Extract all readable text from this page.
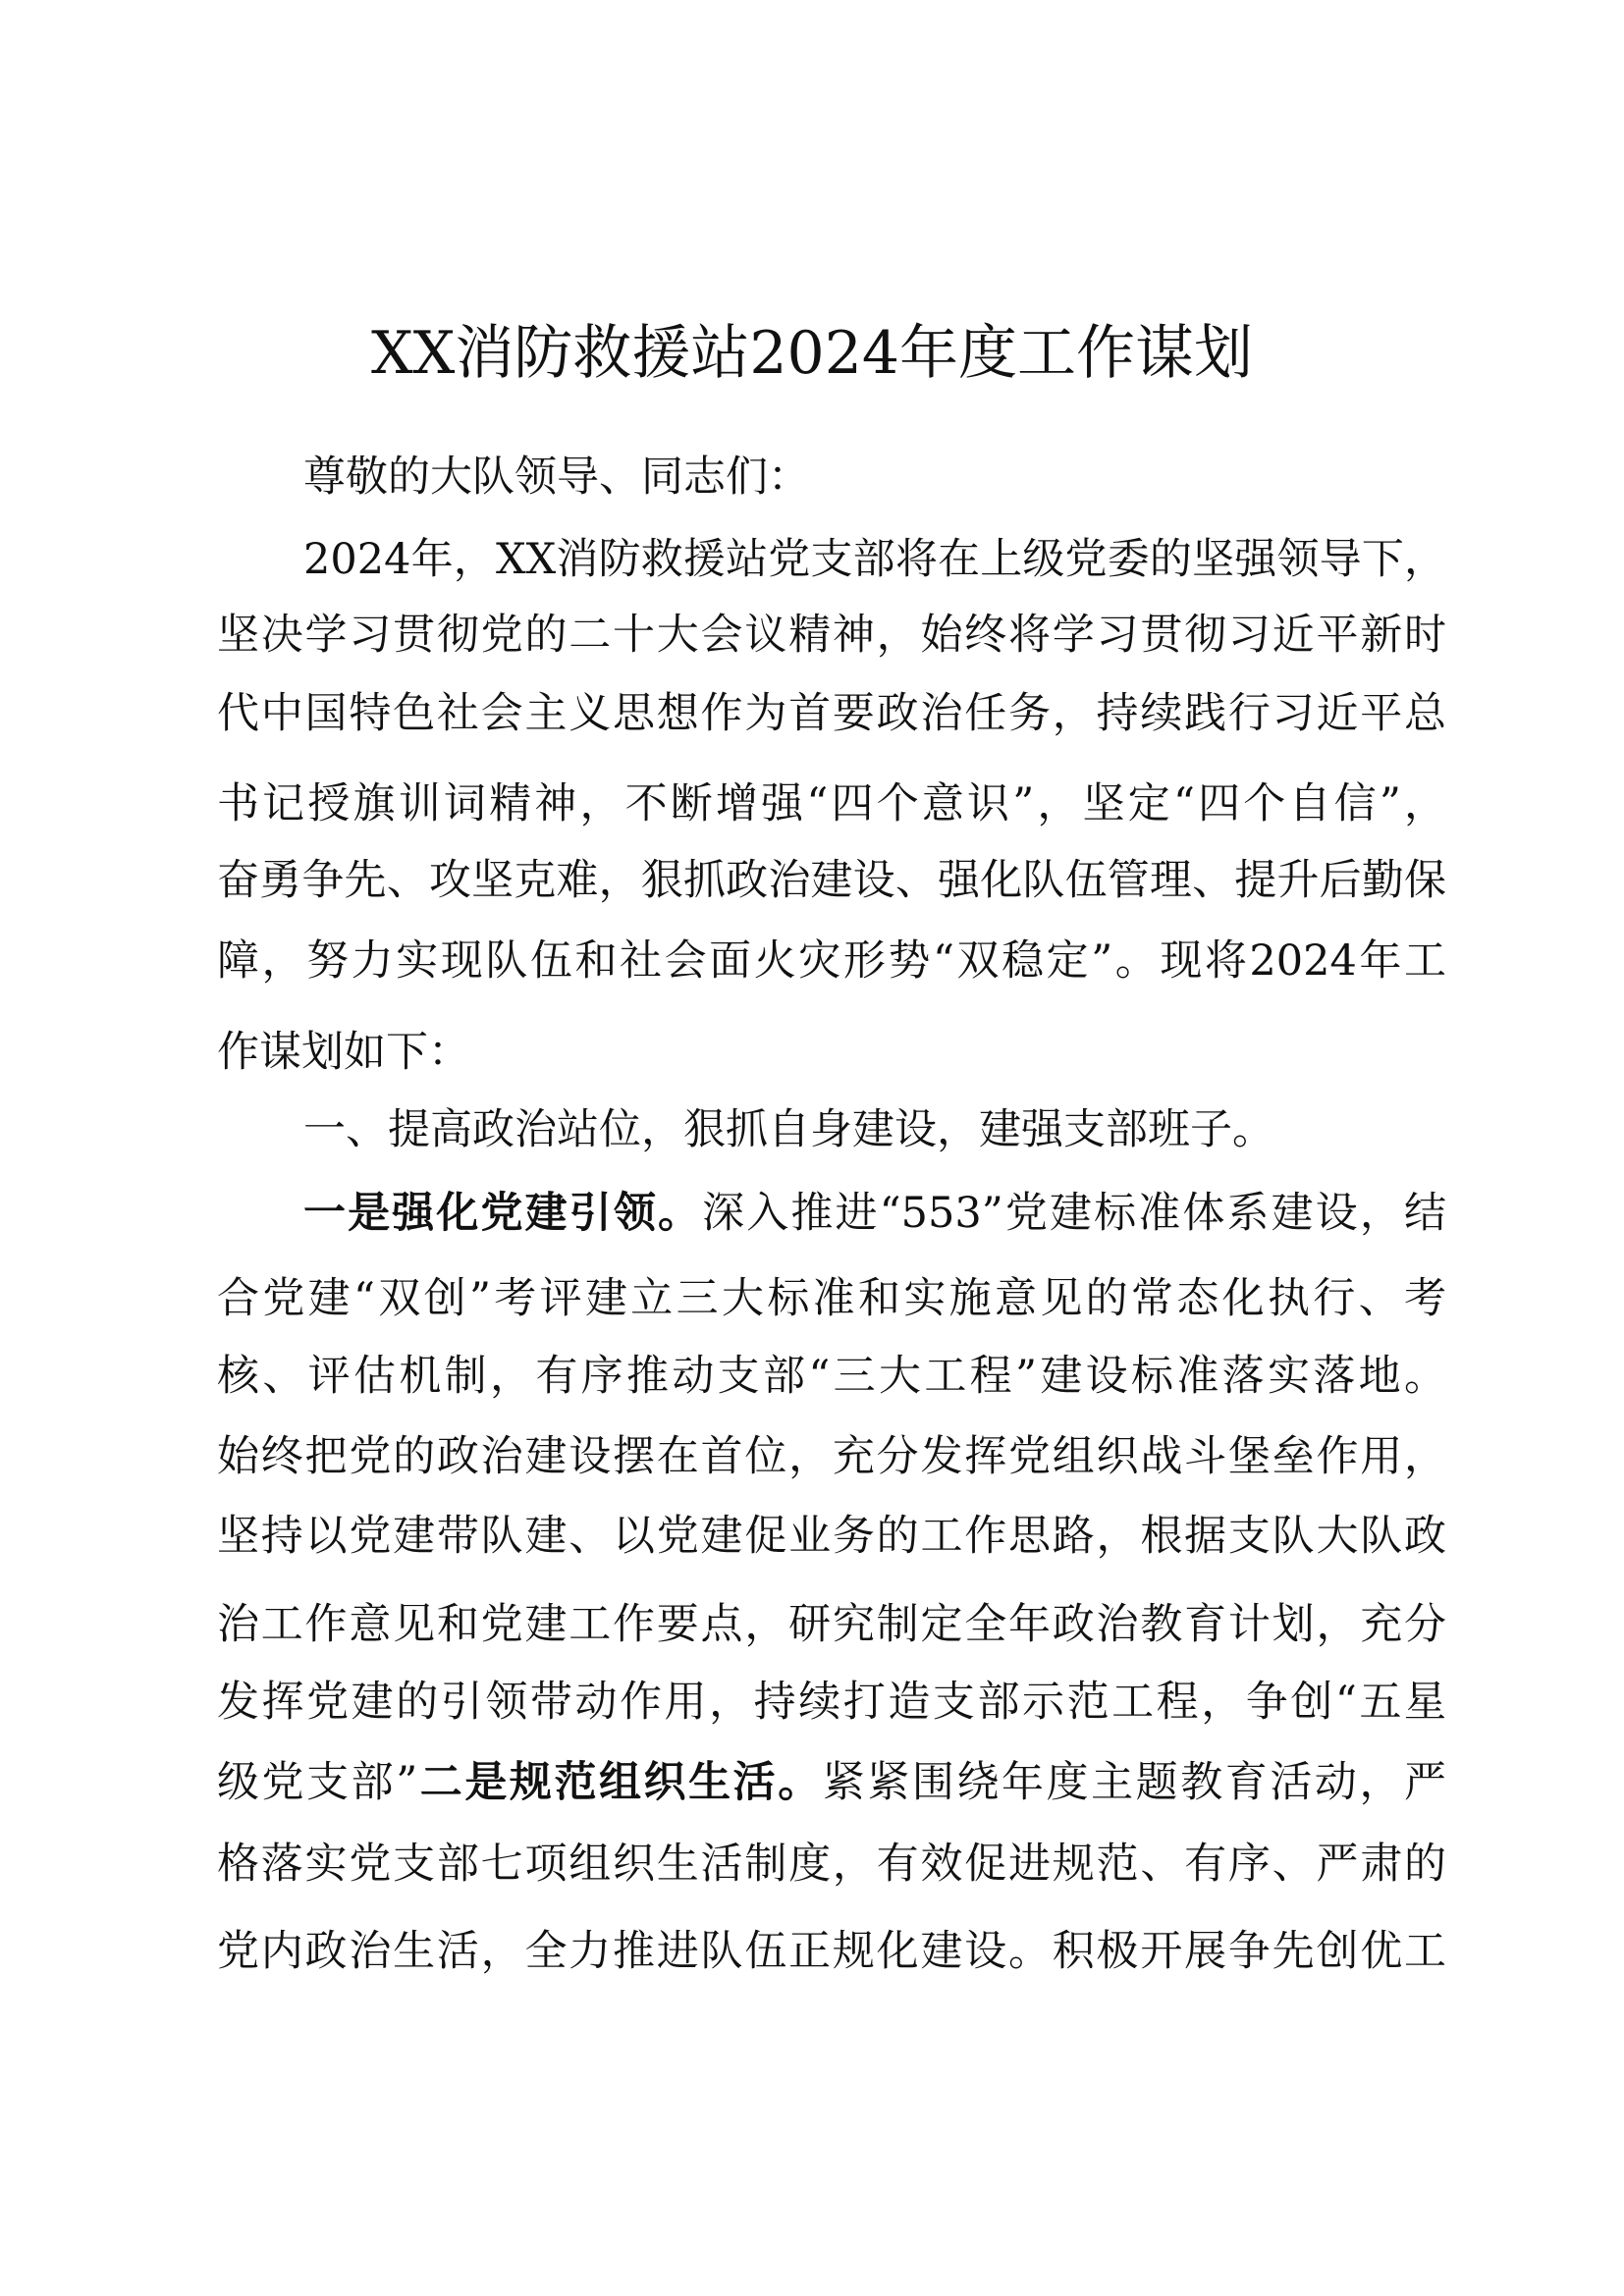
XX消防救援站2024年度工作谋划
尊敬的大队领导、同志们：
2024年，XX消防救援站党支部将在上级党委的坚强领导下，
坚决学习贯彻党的二十大会议精神，始终将学习贯彻习近平新时
代中国特色社会主义思想作为首要政治任务，持续践行习近平总
书记授旗训词精神，不断增强“四个意识”，坚定“四个自信”，
奋勇争先、攻坚克难，狠抓政治建设、强化队伍管理、提升后勤保
障，努力实现队伍和社会面火灾形势“双稳定”。现将2024年工
作谋划如下：
一、提高政治站位，狠抓自身建设，建强支部班子。
一是强化党建引领。深入推进“553”党建标准体系建设，结
合党建“双创”考评建立三大标准和实施意见的常态化执行、考
核、评估机制，有序推动支部“三大工程”建设标准落实落地。
始终把党的政治建设摆在首位，充分发挥党组织战斗堡垒作用，
坚持以党建带队建、以党建促业务的工作思路，根据支队大队政
治工作意见和党建工作要点，研究制定全年政治教育计划，充分
发挥党建的引领带动作用，持续打造支部示范工程，争创“五星
级党支部”二是规范组织生活。紧紧围绕年度主题教育活动，严
格落实党支部七项组织生活制度，有效促进规范、有序、严肃的
党内政治生活，全力推进队伍正规化建设。积极开展争先创优工
